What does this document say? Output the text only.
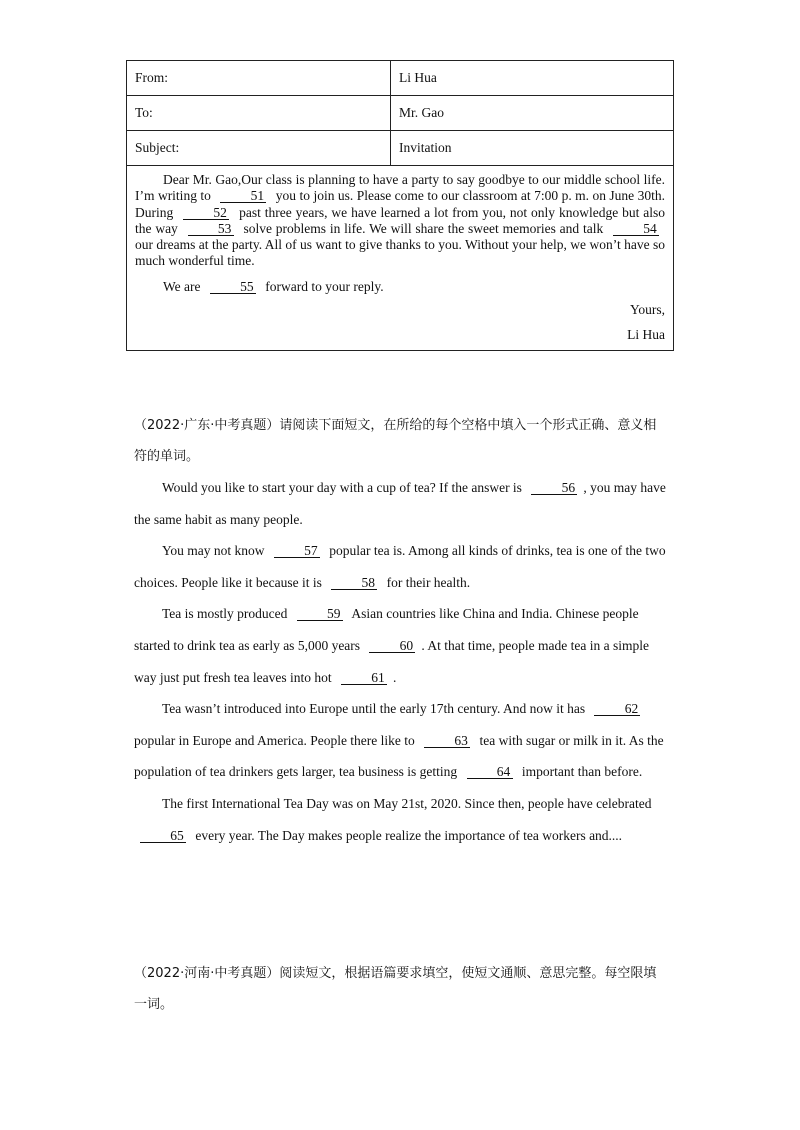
From:	Li Hua
To:	Mr. Gao
Subject:	Invitation

Dear Mr. Gao,Our class is planning to have a party to say goodbye to our middle school life. I’m writing to 51 you to join us. Please come to our classroom at 7:00 p. m. on June 30th. During 52 past three years, we have learned a lot from you, not only knowledge but also the way 53 solve problems in life. We will share the sweet memories and talk 54 our dreams at the party. All of us want to give thanks to you. Without your help, we won’t have so much wonderful time.

We are 55 forward to your reply.

Yours,

Li Hua	

（2022·广东·中考真题）请阅读下面短文，在所给的每个空格中填入一个形式正确、意义相符的单词。

Would you like to start your day with a cup of tea? If the answer is	56 , you may have the same habit as many people.

You may not know	57 popular tea is. Among all kinds of drinks, tea is one of the two choices. People like it because it is	58 for their health.

Tea is mostly produced	59 Asian countries like China and India. Chinese people started to drink tea as early as 5,000 years	60 . At that time, people made tea in a simple way just put fresh tea leaves into hot	61 .

Tea wasn’t introduced into Europe until the early 17th century. And now it has	62 popular in Europe and America. People there like to	63 tea with sugar or milk in it. As the population of tea drinkers gets larger, tea business is getting	64 important than before.

The first International Tea Day was on May 21st, 2020. Since then, people have celebrated 65 every year. The Day makes people realize the importance of tea workers and....

（2022·河南·中考真题）阅读短文，根据语篇要求填空，使短文通顺、意思完整。每空限填一词。
